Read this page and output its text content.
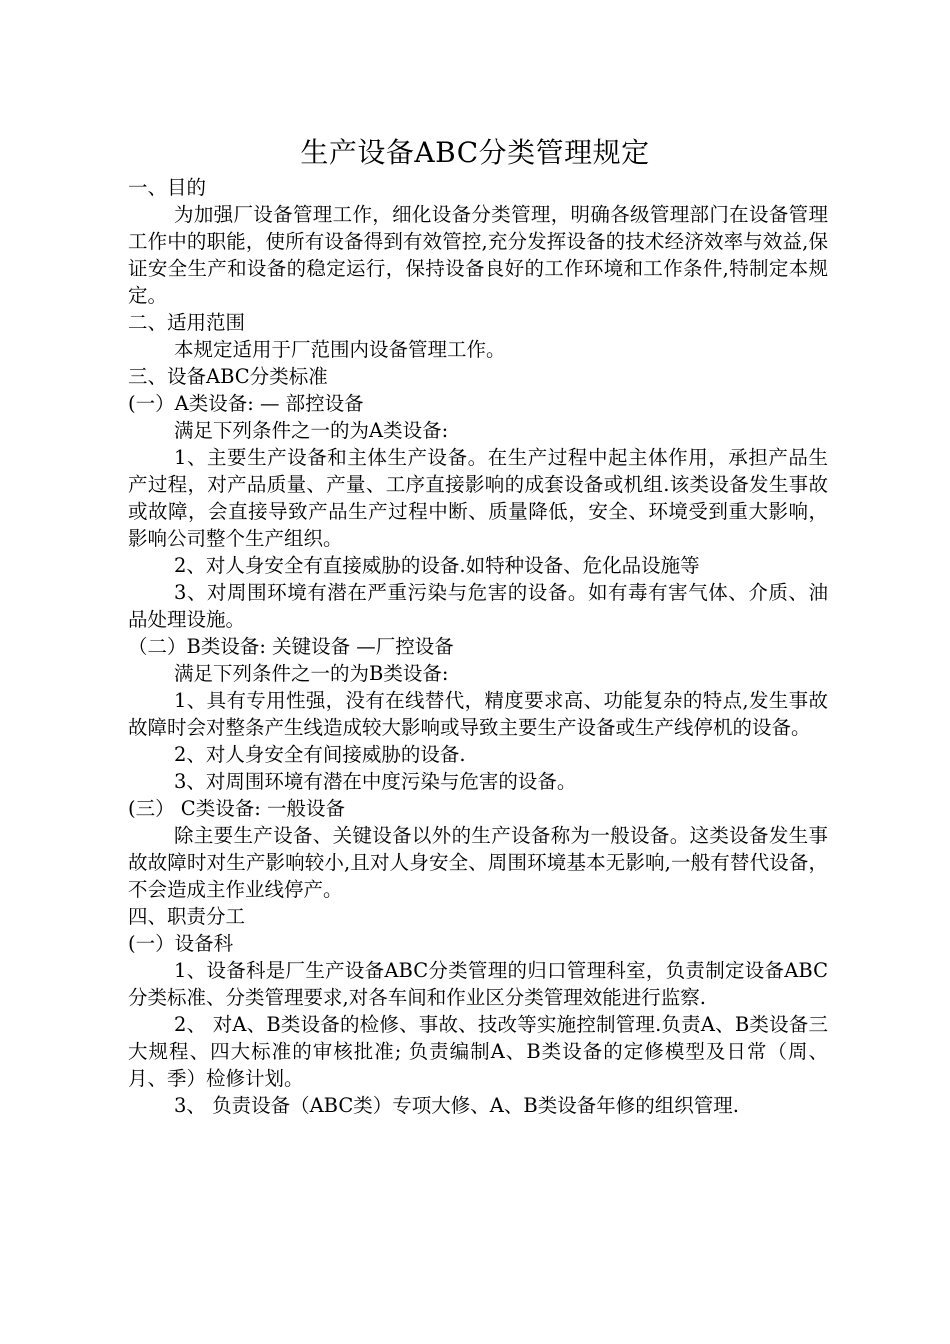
生产设备ABC分类管理规定
一、目的
为加强厂设备管理工作，细化设备分类管理，明确各级管理部门在设备管理工作中的职能，使所有设备得到有效管控,充分发挥设备的技术经济效率与效益,保证安全生产和设备的稳定运行，保持设备良好的工作环境和工作条件,特制定本规定。
二、适用范围
本规定适用于厂范围内设备管理工作。
三、设备ABC分类标准
(一）A类设备: — 部控设备
满足下列条件之一的为A类设备:
1、主要生产设备和主体生产设备。在生产过程中起主体作用，承担产品生产过程，对产品质量、产量、工序直接影响的成套设备或机组.该类设备发生事故或故障，会直接导致产品生产过程中断、质量降低，安全、环境受到重大影响，影响公司整个生产组织。
2、对人身安全有直接威胁的设备.如特种设备、危化品设施等
3、对周围环境有潜在严重污染与危害的设备。如有毒有害气体、介质、油品处理设施。
（二）B类设备: 关键设备 —厂控设备
满足下列条件之一的为B类设备:
1、具有专用性强，没有在线替代，精度要求高、功能复杂的特点,发生事故故障时会对整条产生线造成较大影响或导致主要生产设备或生产线停机的设备。
2、对人身安全有间接威胁的设备.
3、对周围环境有潜在中度污染与危害的设备。
(三） C类设备: 一般设备
除主要生产设备、关键设备以外的生产设备称为一般设备。这类设备发生事故故障时对生产影响较小,且对人身安全、周围环境基本无影响,一般有替代设备，不会造成主作业线停产。
四、职责分工
(一）设备科
1、设备科是厂生产设备ABC分类管理的归口管理科室，负责制定设备ABC分类标准、分类管理要求,对各车间和作业区分类管理效能进行监察.
2、 对A、B类设备的检修、事故、技改等实施控制管理.负责A、B类设备三大规程、四大标准的审核批准; 负责编制A、B类设备的定修模型及日常（周、月、季）检修计划。
3、 负责设备（ABC类）专项大修、A、B类设备年修的组织管理.
